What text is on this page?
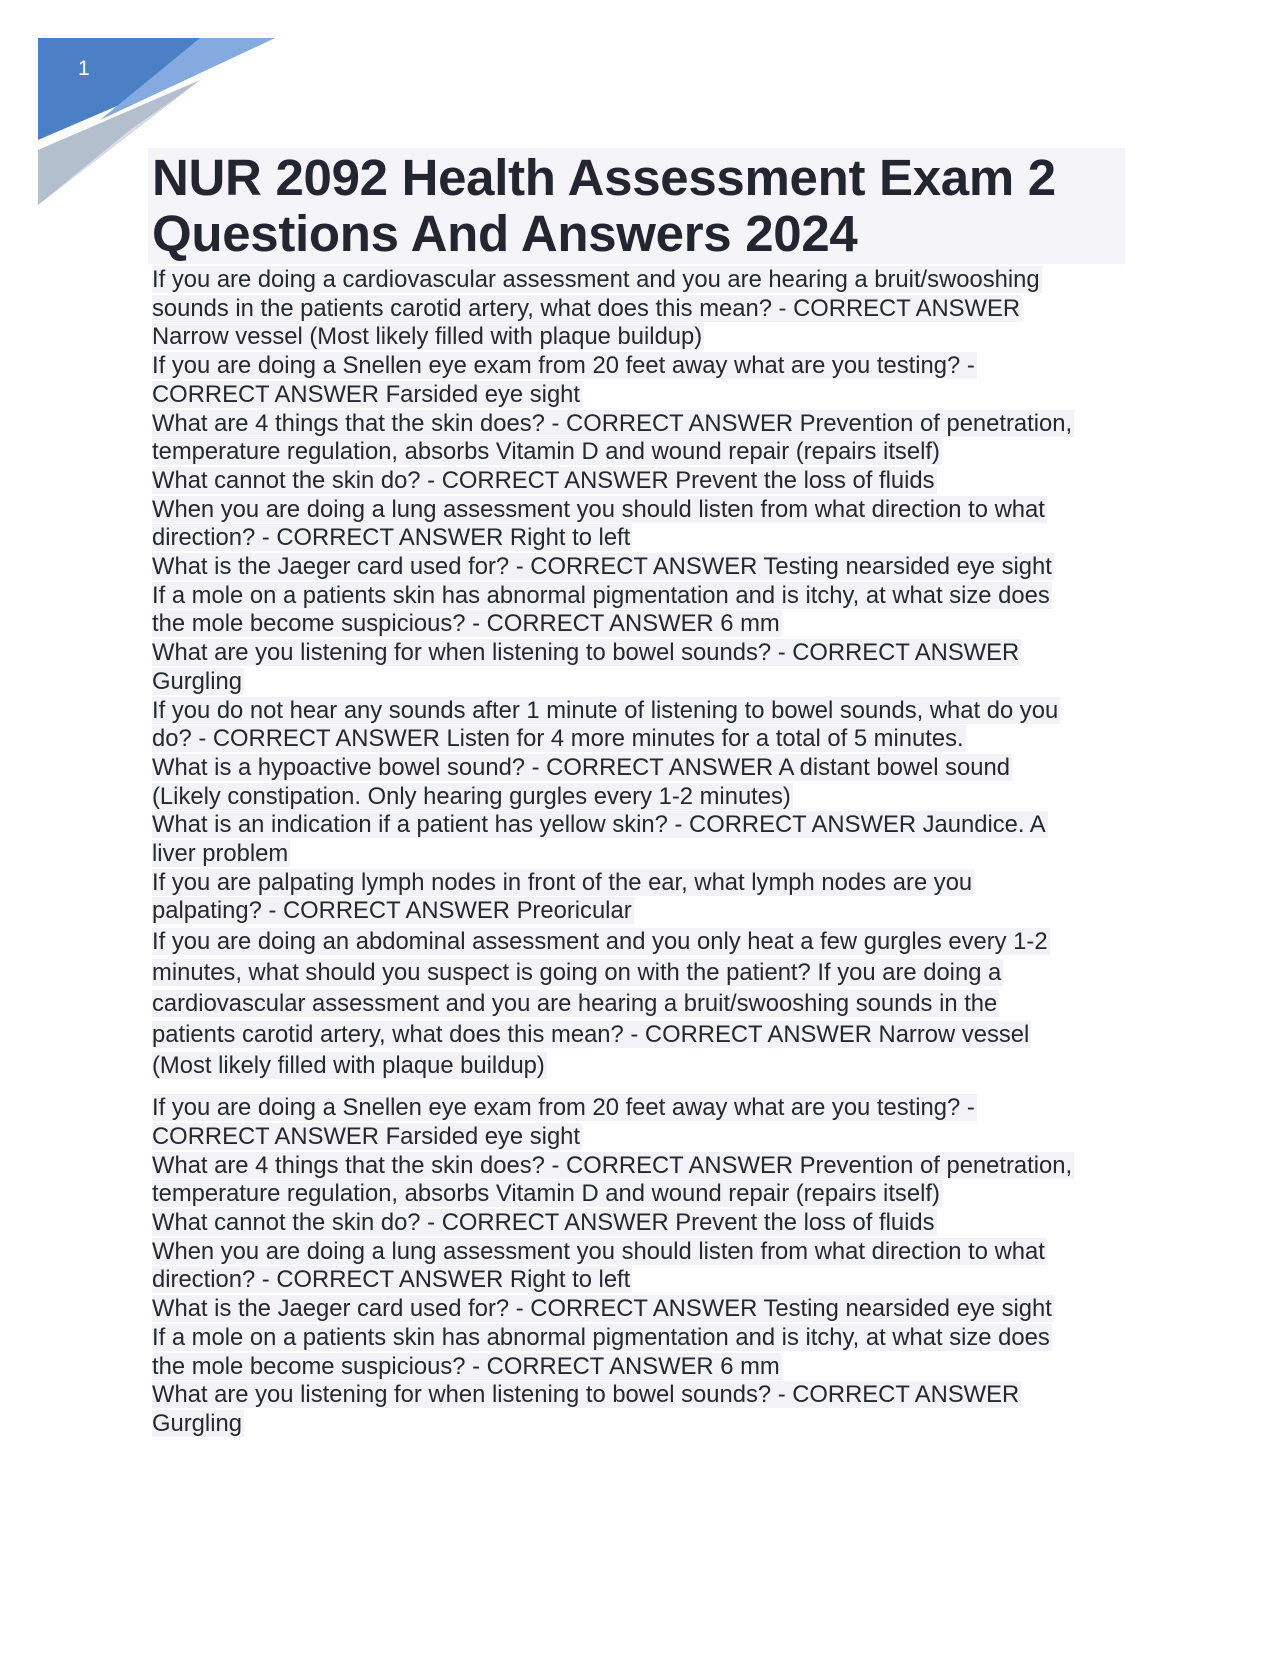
1
NUR 2092 Health Assessment Exam 2
Questions And Answers 2024
If you are doing a cardiovascular assessment and you are hearing a bruit/swooshing
sounds in the patients carotid artery, what does this mean? - CORRECT ANSWER
Narrow vessel (Most likely filled with plaque buildup)
If you are doing a Snellen eye exam from 20 feet away what are you testing? -
CORRECT ANSWER Farsided eye sight
What are 4 things that the skin does? - CORRECT ANSWER Prevention of penetration,
temperature regulation, absorbs Vitamin D and wound repair (repairs itself)
What cannot the skin do? - CORRECT ANSWER Prevent the loss of fluids
When you are doing a lung assessment you should listen from what direction to what
direction? - CORRECT ANSWER Right to left
What is the Jaeger card used for? - CORRECT ANSWER Testing nearsided eye sight
If a mole on a patients skin has abnormal pigmentation and is itchy, at what size does
the mole become suspicious? - CORRECT ANSWER 6 mm
What are you listening for when listening to bowel sounds? - CORRECT ANSWER
Gurgling
If you do not hear any sounds after 1 minute of listening to bowel sounds, what do you
do? - CORRECT ANSWER Listen for 4 more minutes for a total of 5 minutes.
What is a hypoactive bowel sound? - CORRECT ANSWER A distant bowel sound
(Likely constipation. Only hearing gurgles every 1-2 minutes)
What is an indication if a patient has yellow skin? - CORRECT ANSWER Jaundice. A
liver problem
If you are palpating lymph nodes in front of the ear, what lymph nodes are you
palpating? - CORRECT ANSWER Preoricular
If you are doing an abdominal assessment and you only heat a few gurgles every 1-2
minutes, what should you suspect is going on with the patient? If you are doing a
cardiovascular assessment and you are hearing a bruit/swooshing sounds in the
patients carotid artery, what does this mean? - CORRECT ANSWER Narrow vessel
(Most likely filled with plaque buildup)
If you are doing a Snellen eye exam from 20 feet away what are you testing? -
CORRECT ANSWER Farsided eye sight
What are 4 things that the skin does? - CORRECT ANSWER Prevention of penetration,
temperature regulation, absorbs Vitamin D and wound repair (repairs itself)
What cannot the skin do? - CORRECT ANSWER Prevent the loss of fluids
When you are doing a lung assessment you should listen from what direction to what
direction? - CORRECT ANSWER Right to left
What is the Jaeger card used for? - CORRECT ANSWER Testing nearsided eye sight
If a mole on a patients skin has abnormal pigmentation and is itchy, at what size does
the mole become suspicious? - CORRECT ANSWER 6 mm
What are you listening for when listening to bowel sounds? - CORRECT ANSWER
Gurgling
